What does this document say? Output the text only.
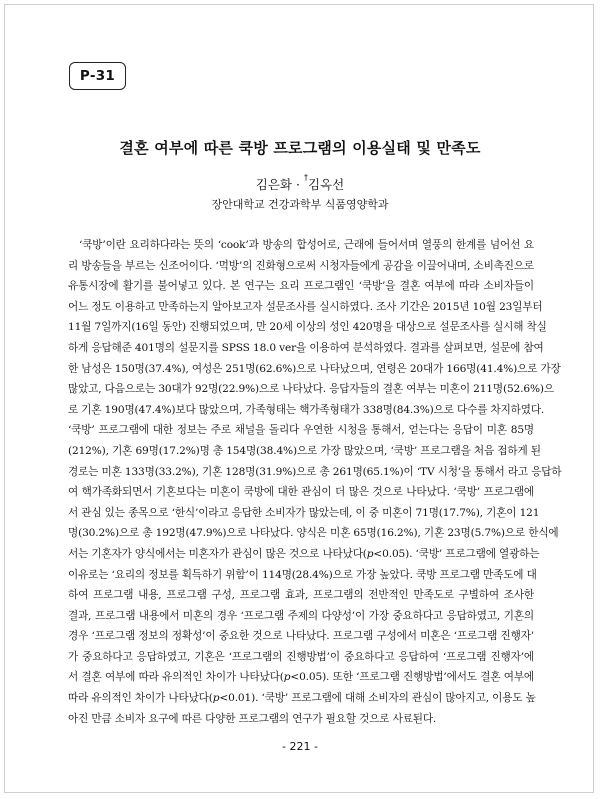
P-31
결혼 여부에 따른 쿡방 프로그램의 이용실태 및 만족도
김은화 · †김옥선
장안대학교 건강과학부 식품영양학과
‘쿡방’이란 요리하다라는 뜻의 ‘cook’과 방송의 합성어로, 근래에 들어서며 열풍의 한계를 넘어선 요
리 방송들을 부르는 신조어이다. ‘먹방’의 진화형으로써 시청자들에게 공감을 이끌어내며, 소비촉진으로
유통시장에 활기를 불어넣고 있다. 본 연구는 요리 프로그램인 ‘쿡방’을 결혼 여부에 따라 소비자들이
어느 정도 이용하고 만족하는지 알아보고자 설문조사를 실시하였다. 조사 기간은 2015년 10월 23일부터
11월 7일까지(16일 동안) 진행되었으며, 만 20세 이상의 성인 420명을 대상으로 설문조사를 실시해 착실
하게 응답해준 401명의 설문지를 SPSS 18.0 ver을 이용하여 분석하였다. 결과를 살펴보면, 설문에 참여
한 남성은 150명(37.4%), 여성은 251명(62.6%)으로 나타났으며, 연령은 20대가 166명(41.4%)으로 가장
많았고, 다음으로는 30대가 92명(22.9%)으로 나타났다. 응답자들의 결혼 여부는 미혼이 211명(52.6%)으
로 기혼 190명(47.4%)보다 많았으며, 가족형태는 핵가족형태가 338명(84.3%)으로 다수를 차지하였다.
‘쿡방’ 프로그램에 대한 정보는 주로 채널을 돌리다 우연한 시청을 통해서, 얻는다는 응답이 미혼 85명
(212%), 기혼 69명(17.2%)명 총 154명(38.4%)으로 가장 많았으며, ‘쿡방’ 프로그램을 처음 접하게 된
경로는 미혼 133명(33.2%), 기혼 128명(31.9%)으로 총 261명(65.1%)이 ‘TV 시청’을 통해서 라고 응답하
여 핵가족화되면서 기혼보다는 미혼이 쿡방에 대한 관심이 더 많은 것으로 나타났다. ‘쿡방’ 프로그램에
서 관심 있는 종목으로 ‘한식’이라고 응답한 소비자가 많았는데, 이 중 미혼이 71명(17.7%), 기혼이 121
명(30.2%)으로 총 192명(47.9%)으로 나타났다. 양식은 미혼 65명(16.2%), 기혼 23명(5.7%)으로 한식에
서는 기혼자가 양식에서는 미혼자가 관심이 많은 것으로 나타났다(p<0.05). ‘쿡방’ 프로그램에 열광하는
이유로는 ‘요리의 정보를 획득하기 위함’이 114명(28.4%)으로 가장 높았다. 쿡방 프로그램 만족도에 대
하여 프로그램 내용, 프로그램 구성, 프로그램 효과, 프로그램의 전반적인 만족도로 구별하여 조사한
결과, 프로그램 내용에서 미혼의 경우 ‘프로그램 주제의 다양성’이 가장 중요하다고 응답하였고, 기혼의
경우 ‘프로그램 정보의 정확성’이 중요한 것으로 나타났다. 프로그램 구성에서 미혼은 ‘프로그램 진행자’
가 중요하다고 응답하였고, 기혼은 ‘프로그램의 진행방법’이 중요하다고 응답하여 ‘프로그램 진행자’에
서 결혼 여부에 따라 유의적인 차이가 나타났다(p<0.05). 또한 ‘프로그램 진행방법’에서도 결혼 여부에
따라 유의적인 차이가 나타났다(p<0.01). ‘쿡방’ 프로그램에 대해 소비자의 관심이 많아지고, 이용도 높
아진 만큼 소비자 요구에 따른 다양한 프로그램의 연구가 필요할 것으로 사료된다.
- 221 -
